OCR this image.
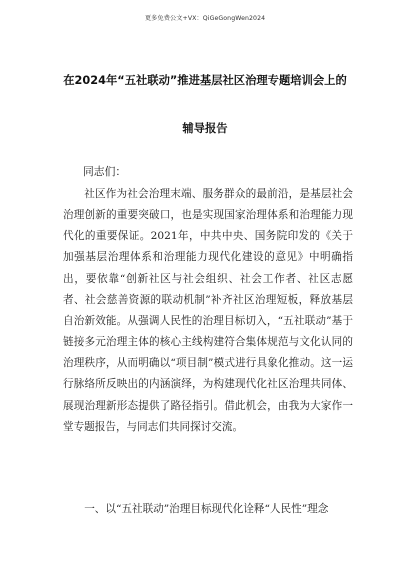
更多免费公文+VX：QiGeGongWen2024
在2024年“五社联动”推进基层社区治理专题培训会上的
辅导报告
同志们：
社区作为社会治理末端、服务群众的最前沿，是基层社会治理创新的重要突破口，也是实现国家治理体系和治理能力现代化的重要保证。2021年，中共中央、国务院印发的《关于加强基层治理体系和治理能力现代化建设的意见》中明确指出，要依靠“创新社区与社会组织、社会工作者、社区志愿者、社会慈善资源的联动机制”补齐社区治理短板，释放基层自治新效能。从强调人民性的治理目标切入，“五社联动”基于链接多元治理主体的核心主线构建符合集体规范与文化认同的治理秩序，从而明确以“项目制”模式进行具象化推动。这一运行脉络所反映出的内涵演绎，为构建现代化社区治理共同体、展现治理新形态提供了路径指引。借此机会，由我为大家作一堂专题报告，与同志们共同探讨交流。
一、以“五社联动”治理目标现代化诠释“人民性”理念
